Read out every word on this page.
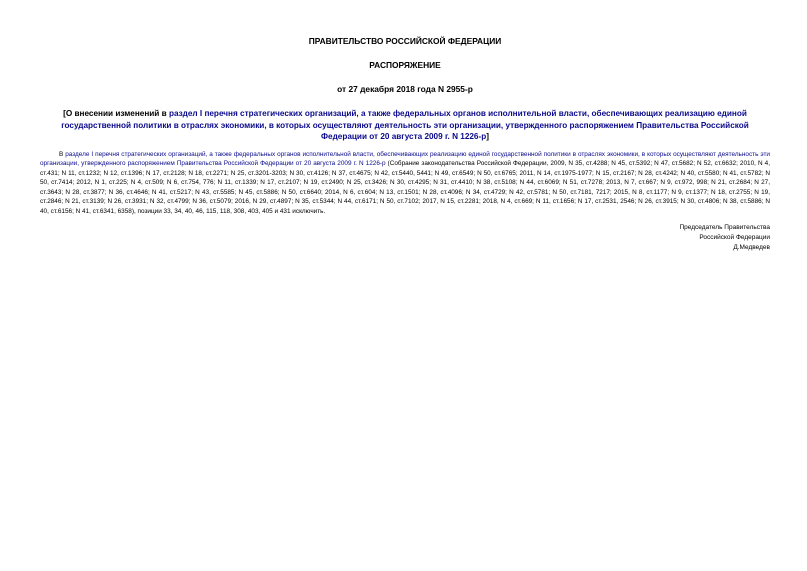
ПРАВИТЕЛЬСТВО РОССИЙСКОЙ ФЕДЕРАЦИИ
РАСПОРЯЖЕНИЕ
от 27 декабря 2018 года N 2955-р
[О внесении изменений в раздел I перечня стратегических организаций, а также федеральных органов исполнительной власти, обеспечивающих реализацию единой государственной политики в отраслях экономики, в которых осуществляют деятельность эти организации, утвержденного распоряжением Правительства Российской Федерации от 20 августа 2009 г. N 1226-р]

В разделе I перечня стратегических организаций, а также федеральных органов исполнительной власти, обеспечивающих реализацию единой государственной политики в отраслях экономики, в которых осуществляют деятельность эти организации, утвержденного распоряжением Правительства Российской Федерации от 20 августа 2009 г. N 1226-р (Собрание законодательства Российской Федерации, 2009, N 35, ст.4288; N 45, ст.5392; N 47, ст.5682; N 52, ст.6632; 2010, N 4, ст.431; N 11, ст.1232; N 12, ст.1396; N 17, ст.2128; N 18, ст.2271; N 25, ст.3201-3203; N 30, ст.4126; N 37, ст.4675; N 42, ст.5440, 5441; N 49, ст.6549; N 50, ст.6765; 2011, N 14, ст.1975-1977; N 15, ст.2167; N 28, ст.4242; N 40, ст.5580; N 41, ст.5782; N 50, ст.7414; 2012, N 1, ст.225; N 4, ст.509; N 6, ст.754, 776; N 11, ст.1339; N 17, ст.2107; N 19, ст.2490; N 25, ст.3426; N 30, ст.4295; N 31, ст.4410; N 38, ст.5108; N 44, ст.6069; N 51, ст.7278; 2013, N 7, ст.667; N 9, ст.972, 998; N 21, ст.2684; N 27, ст.3643; N 28, ст.3877; N 36, ст.4646; N 41, ст.5217; N 43, ст.5585; N 45, ст.5886; N 50, ст.6640; 2014, N 6, ст.604; N 13, ст.1501; N 28, ст.4096; N 34, ст.4729; N 42, ст.5781; N 50, ст.7181, 7217; 2015, N 8, ст.1177; N 9, ст.1377; N 18, ст.2755; N 19, ст.2846; N 21, ст.3139; N 26, ст.3931; N 32, ст.4799; N 36, ст.5079; 2016, N 29, ст.4897; N 35, ст.5344; N 44, ст.6171; N 50, ст.7102; 2017, N 15, ст.2281; 2018, N 4, ст.669; N 11, ст.1656; N 17, ст.2531, 2546; N 26, ст.3915; N 30, ст.4806; N 38, ст.5886; N 40, ст.6156; N 41, ст.6341, 6358), позиции 33, 34, 40, 46, 115, 118, 308, 403, 405 и 431 исключить.

Председатель Правительства
Российской Федерации
Д.Медведев
